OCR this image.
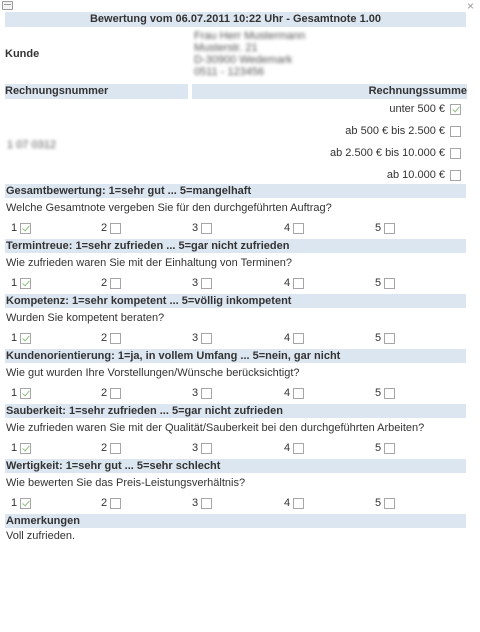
×
Bewertung vom 06.07.2011 10:22 Uhr - Gesamtnote 1.00
Kunde
Frau Herr Mustermann
Musterstr. 21
D-30900 Wedemark
0511 - 123456
Rechnungsnummer	Rechnungssumme
1 07 0312
unter 500 €
ab 500 € bis 2.500 €
ab 2.500 € bis 10.000 €
ab 10.000 €
Gesamtbewertung: 1=sehr gut ... 5=mangelhaft
Welche Gesamtnote vergeben Sie für den durchgeführten Auftrag?
1	2	3	4	5
Termintreue: 1=sehr zufrieden ... 5=gar nicht zufrieden
Wie zufrieden waren Sie mit der Einhaltung von Terminen?
1	2	3	4	5
Kompetenz: 1=sehr kompetent ... 5=völlig inkompetent
Wurden Sie kompetent beraten?
1	2	3	4	5
Kundenorientierung: 1=ja, in vollem Umfang ... 5=nein, gar nicht
Wie gut wurden Ihre Vorstellungen/Wünsche berücksichtigt?
1	2	3	4	5
Sauberkeit: 1=sehr zufrieden ... 5=gar nicht zufrieden
Wie zufrieden waren Sie mit der Qualität/Sauberkeit bei den durchgeführten Arbeiten?
1	2	3	4	5
Wertigkeit: 1=sehr gut ... 5=sehr schlecht
Wie bewerten Sie das Preis-Leistungsverhältnis?
1	2	3	4	5
Anmerkungen
Voll zufrieden.
